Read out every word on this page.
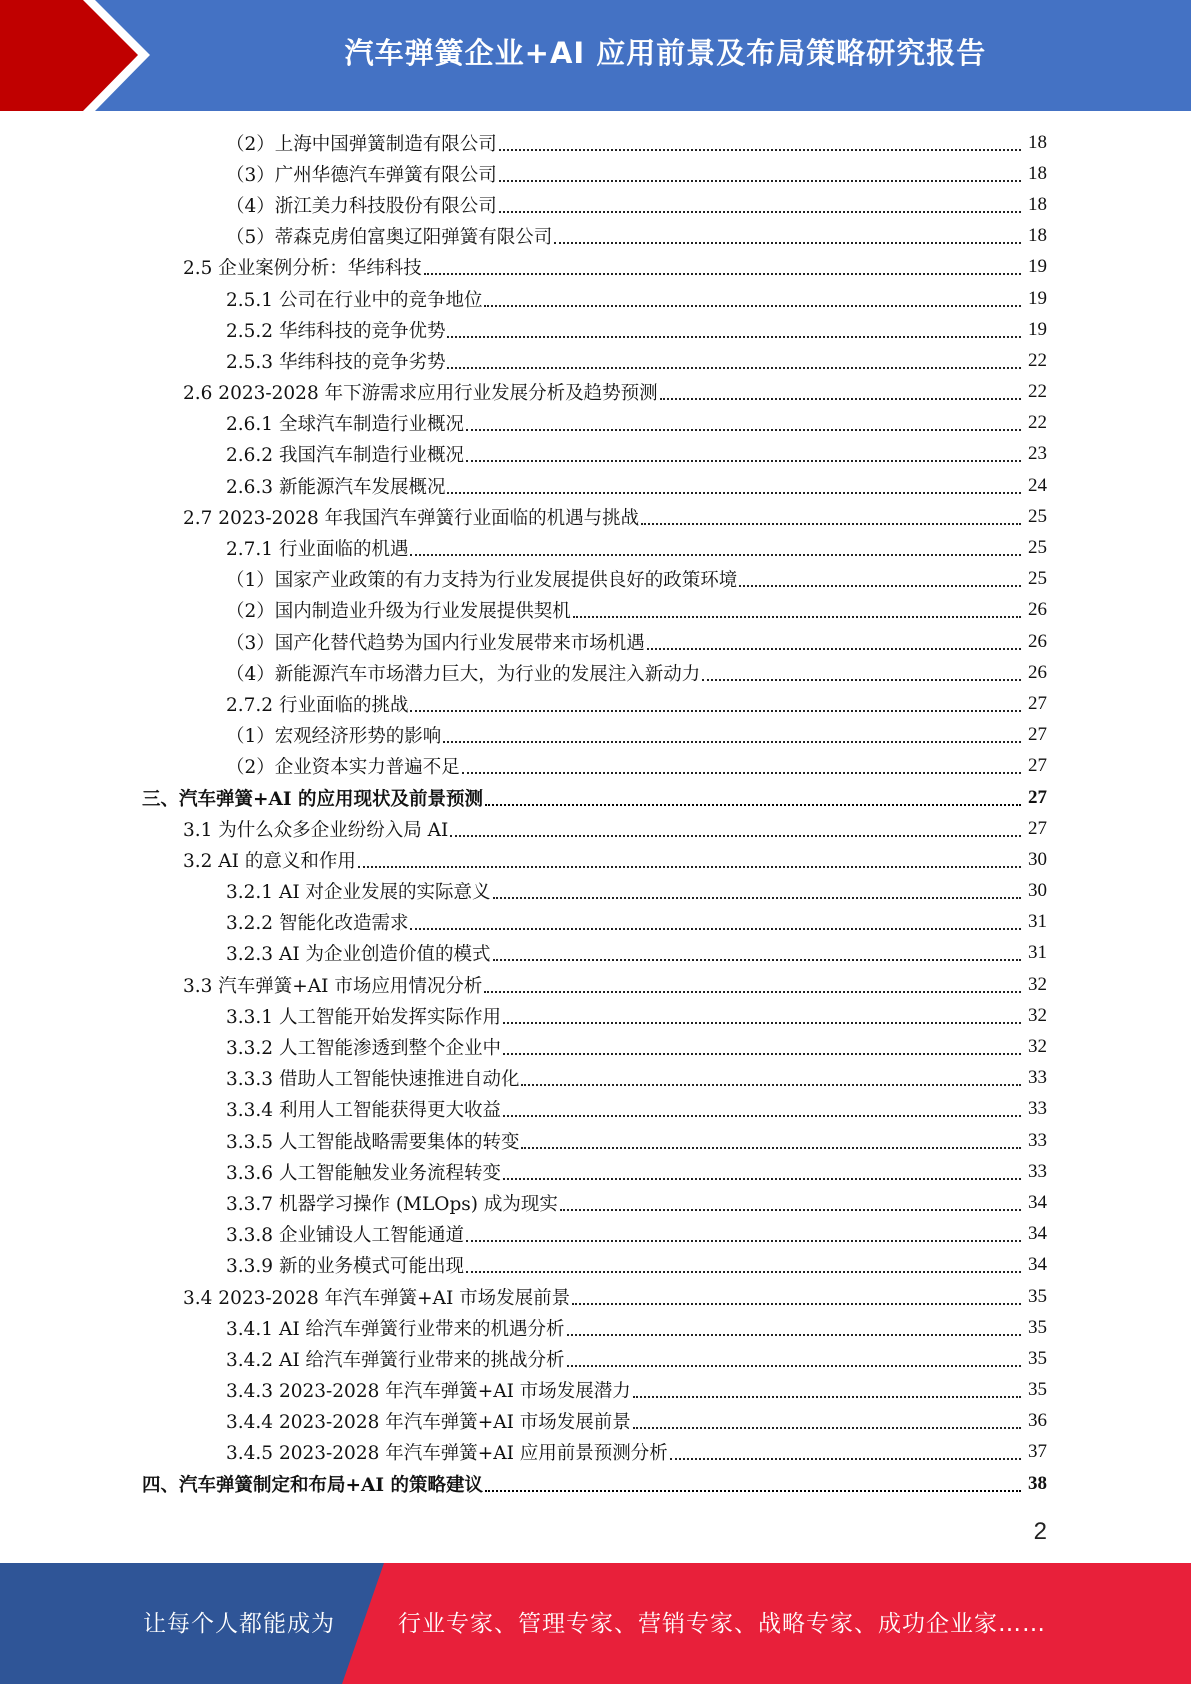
汽车弹簧企业+AI 应用前景及布局策略研究报告
（2）上海中国弹簧制造有限公司	18
（3）广州华德汽车弹簧有限公司	18
（4）浙江美力科技股份有限公司	18
（5）蒂森克虏伯富奥辽阳弹簧有限公司	18
2.5 企业案例分析：华纬科技	19
2.5.1 公司在行业中的竞争地位	19
2.5.2 华纬科技的竞争优势	19
2.5.3 华纬科技的竞争劣势	22
2.6 2023-2028 年下游需求应用行业发展分析及趋势预测	22
2.6.1 全球汽车制造行业概况	22
2.6.2 我国汽车制造行业概况	23
2.6.3 新能源汽车发展概况	24
2.7 2023-2028 年我国汽车弹簧行业面临的机遇与挑战	25
2.7.1 行业面临的机遇	25
（1）国家产业政策的有力支持为行业发展提供良好的政策环境	25
（2）国内制造业升级为行业发展提供契机	26
（3）国产化替代趋势为国内行业发展带来市场机遇	26
（4）新能源汽车市场潜力巨大，为行业的发展注入新动力	26
2.7.2 行业面临的挑战	27
（1）宏观经济形势的影响	27
（2）企业资本实力普遍不足	27
三、汽车弹簧+AI 的应用现状及前景预测	27
3.1 为什么众多企业纷纷入局 AI	27
3.2 AI 的意义和作用	30
3.2.1 AI 对企业发展的实际意义	30
3.2.2 智能化改造需求	31
3.2.3 AI 为企业创造价值的模式	31
3.3 汽车弹簧+AI 市场应用情况分析	32
3.3.1 人工智能开始发挥实际作用	32
3.3.2 人工智能渗透到整个企业中	32
3.3.3 借助人工智能快速推进自动化	33
3.3.4 利用人工智能获得更大收益	33
3.3.5 人工智能战略需要集体的转变	33
3.3.6 人工智能触发业务流程转变	33
3.3.7 机器学习操作 (MLOps) 成为现实	34
3.3.8 企业铺设人工智能通道	34
3.3.9 新的业务模式可能出现	34
3.4 2023-2028 年汽车弹簧+AI 市场发展前景	35
3.4.1 AI 给汽车弹簧行业带来的机遇分析	35
3.4.2 AI 给汽车弹簧行业带来的挑战分析	35
3.4.3 2023-2028 年汽车弹簧+AI 市场发展潜力	35
3.4.4 2023-2028 年汽车弹簧+AI 市场发展前景	36
3.4.5 2023-2028 年汽车弹簧+AI 应用前景预测分析	37
四、汽车弹簧制定和布局+AI 的策略建议	38
2
让每个人都能成为	行业专家、管理专家、营销专家、战略专家、成功企业家……
